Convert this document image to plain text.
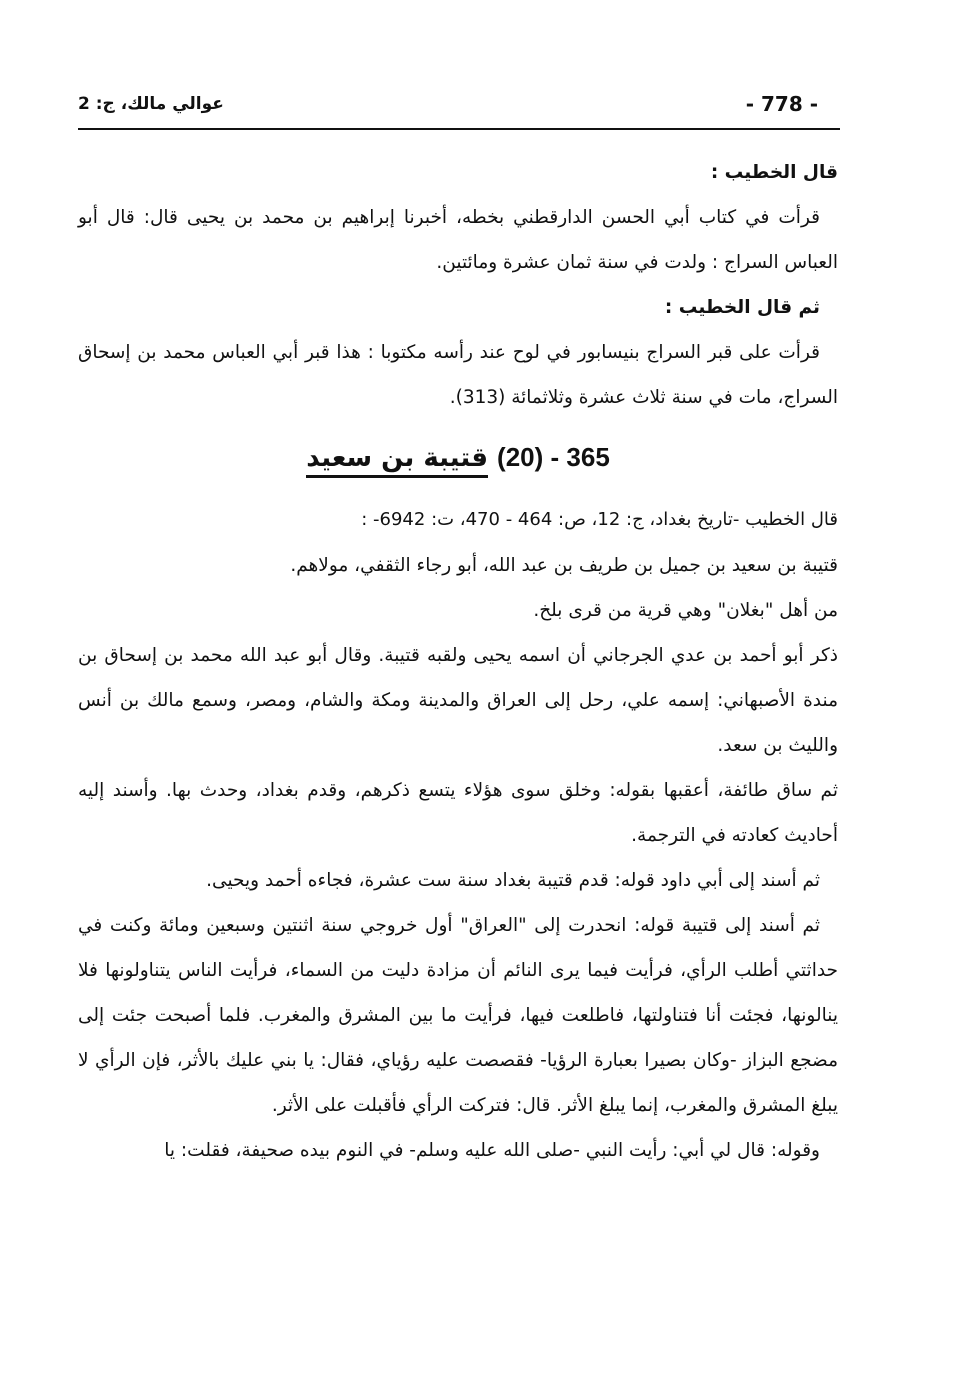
- 778 -
عوالي مالك، ج: 2

قال الخطيب :

قرأت في كتاب أبي الحسن الدارقطني بخطه، أخبرنا إبراهيم بن محمد بن يحيى قال: قال أبو العباس السراج : ولدت في سنة ثمان عشرة ومائتين.

ثم قال الخطيب :

قرأت على قبر السراج بنيسابور في لوح عند رأسه مكتوبا : هذا قبر أبي العباس محمد بن إسحاق السراج، مات في سنة ثلاث عشرة وثلاثمائة (313).

365 - (20) قتيبة بن سعيد

قال الخطيب -تاريخ بغداد، ج: 12، ص: 464 - 470، ت: 6942- :

قتيبة بن سعيد بن جميل بن طريف بن عبد الله، أبو رجاء الثقفي، مولاهم.

من أهل "بغلان" وهي قرية من قرى بلخ.

ذكر أبو أحمد بن عدي الجرجاني أن اسمه يحيى ولقبه قتيبة. وقال أبو عبد الله محمد بن إسحاق بن مندة الأصبهاني: إسمه علي، رحل إلى العراق والمدينة ومكة والشام، ومصر، وسمع مالك بن أنس والليث بن سعد.

ثم ساق طائفة، أعقبها بقوله: وخلق سوى هؤلاء يتسع ذكرهم، وقدم بغداد، وحدث بها. وأسند إليه أحاديث كعادته في الترجمة.

ثم أسند إلى أبي داود قوله: قدم قتيبة بغداد سنة ست عشرة، فجاءه أحمد ويحيى.

ثم أسند إلى قتيبة قوله: انحدرت إلى "العراق" أول خروجي سنة اثنتين وسبعين ومائة وكنت في حداثتي أطلب الرأي، فرأيت فيما يرى النائم أن مزادة دليت من السماء، فرأيت الناس يتناولونها فلا ينالونها، فجئت أنا فتناولتها، فاطلعت فيها، فرأيت ما بين المشرق والمغرب. فلما أصبحت جئت إلى مضجع البزاز -وكان بصيرا بعبارة الرؤيا- فقصصت عليه رؤياي، فقال: يا بني عليك بالأثر، فإن الرأي لا يبلغ المشرق والمغرب، إنما يبلغ الأثر. قال: فتركت الرأي فأقبلت على الأثر.

وقوله: قال لي أبي: رأيت النبي -صلى الله عليه وسلم- في النوم بيده صحيفة، فقلت: يا
